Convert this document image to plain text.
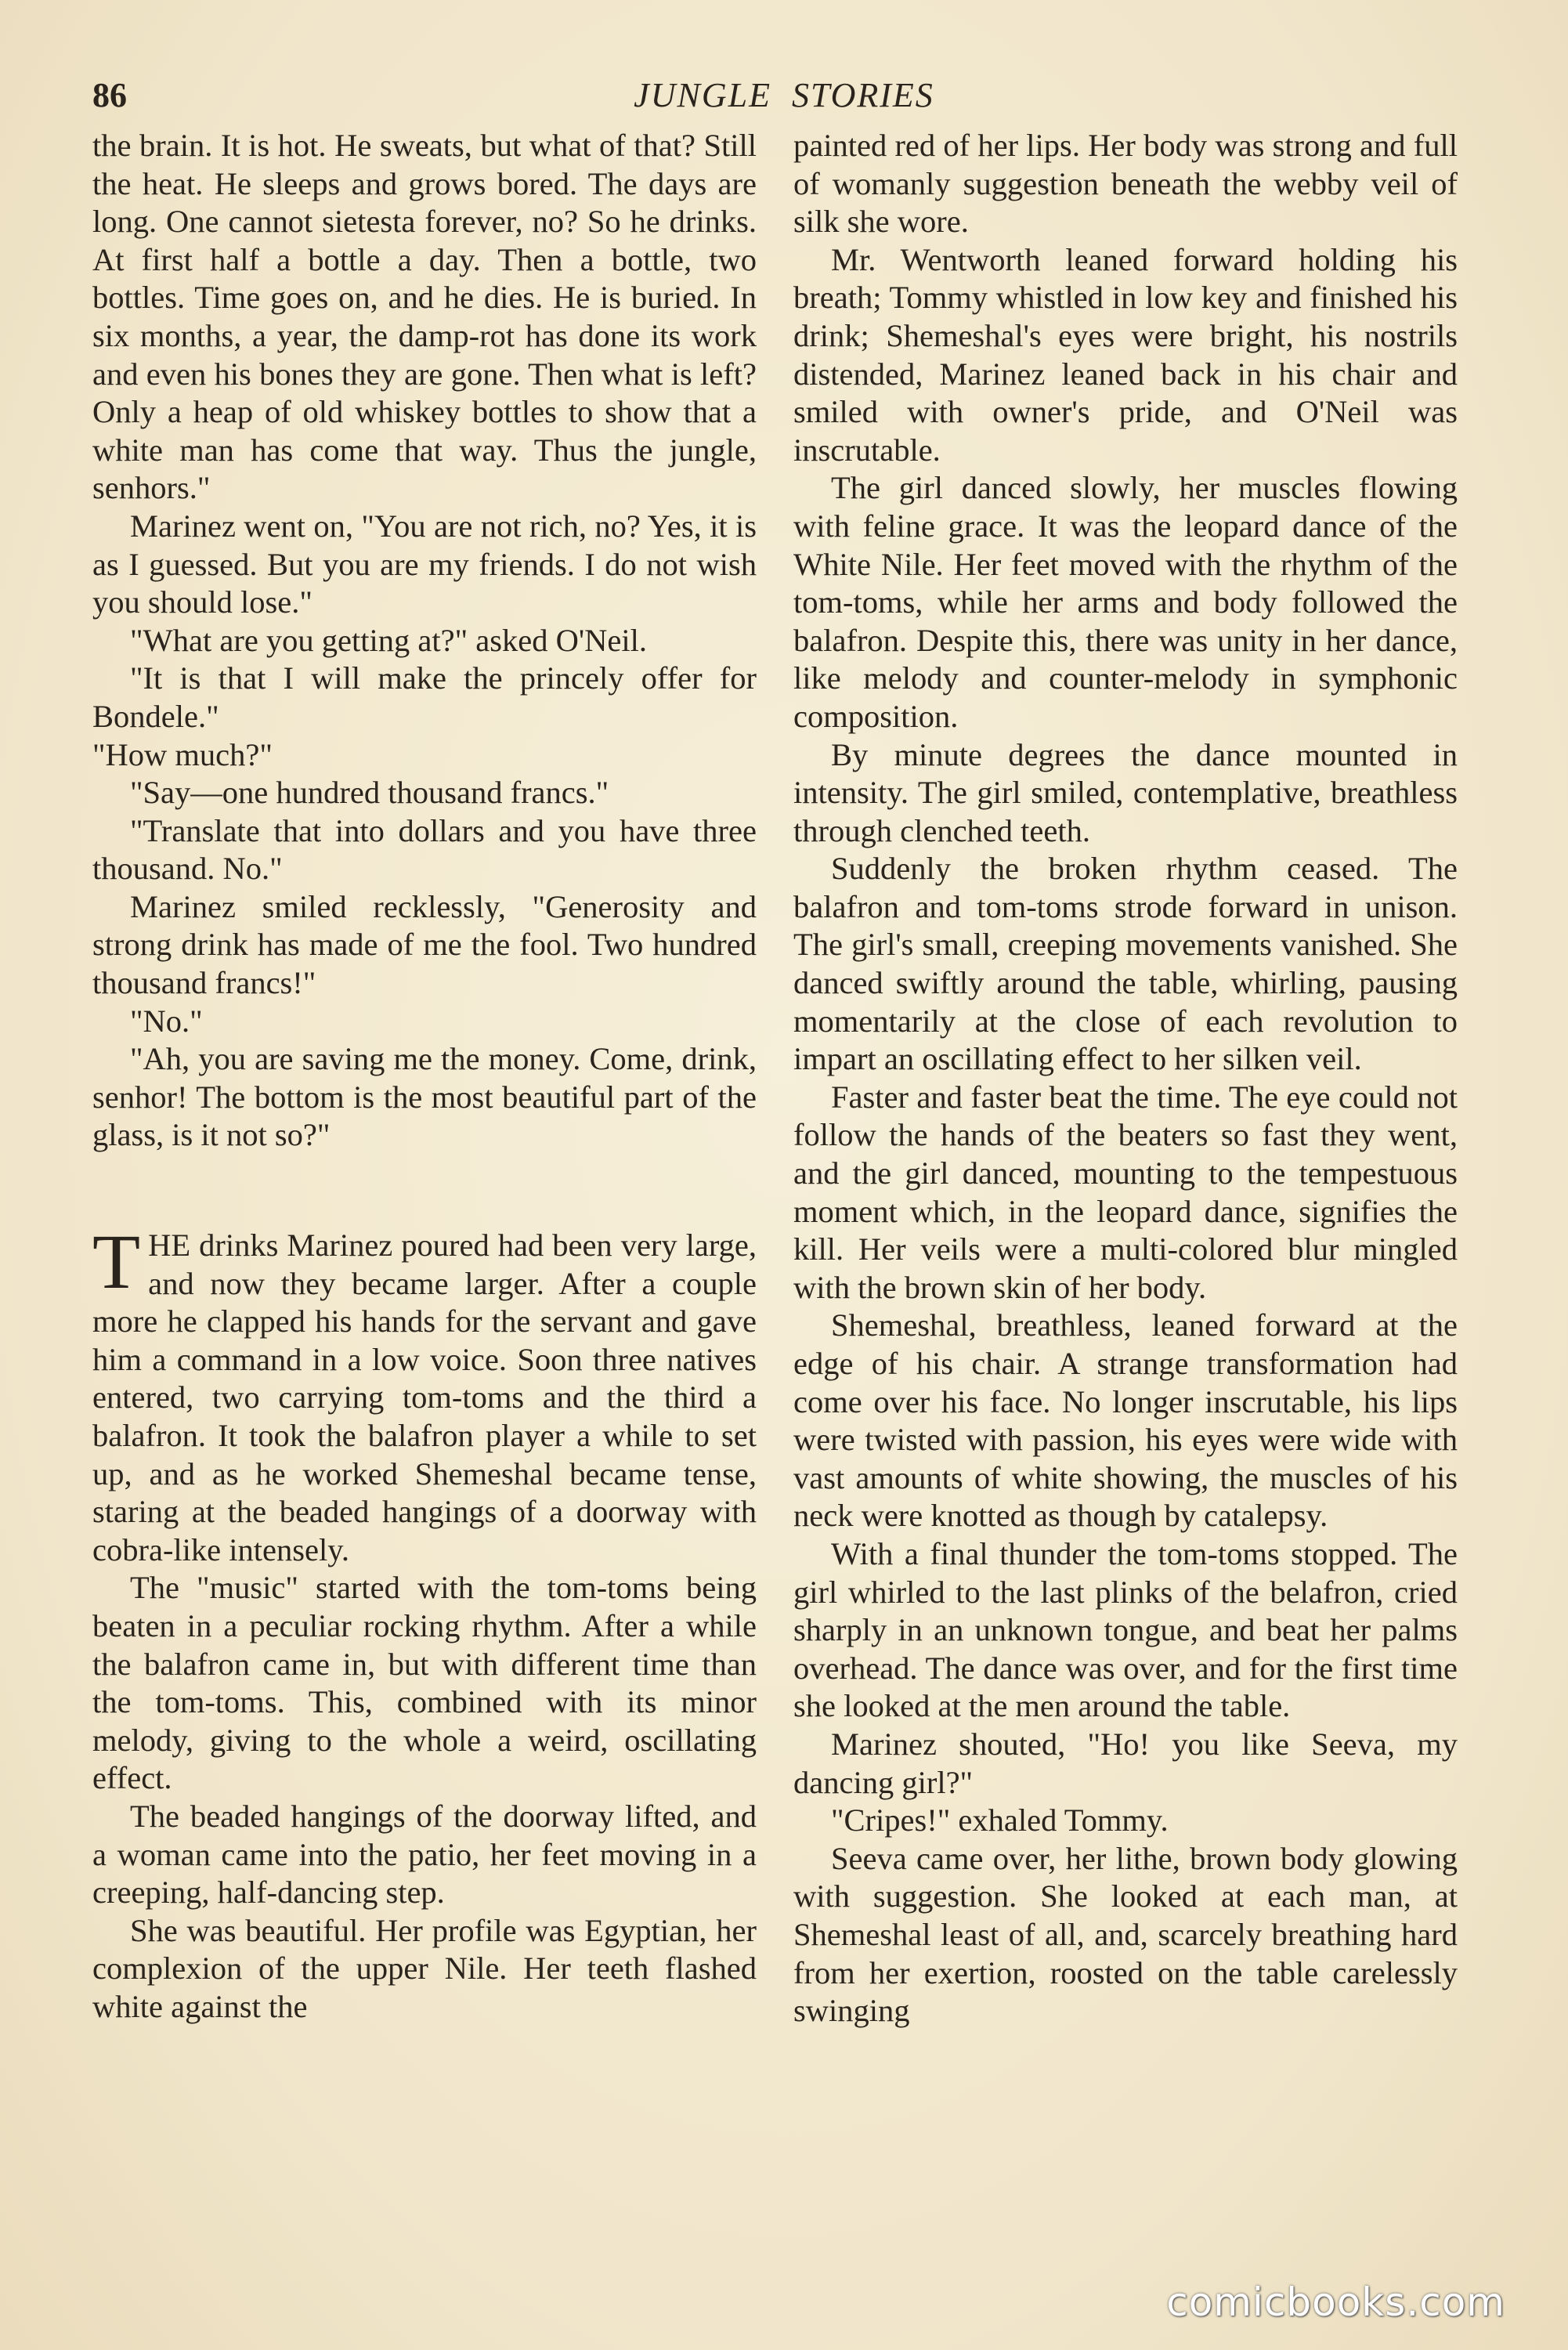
86	JUNGLE  STORIES

the brain. It is hot. He sweats, but what of that? Still the heat. He sleeps and grows bored. The days are long. One cannot sietesta forever, no? So he drinks. At first half a bottle a day. Then a bottle, two bottles. Time goes on, and he dies. He is buried. In six months, a year, the damp-rot has done its work and even his bones they are gone. Then what is left? Only a heap of old whiskey bottles to show that a white man has come that way. Thus the jungle, senhors."

Marinez went on, "You are not rich, no? Yes, it is as I guessed. But you are my friends. I do not wish you should lose."

"What are you getting at?" asked O'Neil.

"It is that I will make the princely offer for Bondele."

"How much?"

"Say—one hundred thousand francs."

"Translate that into dollars and you have three thousand. No."

Marinez smiled recklessly, "Generosity and strong drink has made of me the fool. Two hundred thousand francs!"

"No."

"Ah, you are saving me the money. Come, drink, senhor! The bottom is the most beautiful part of the glass, is it not so?"

T HE drinks Marinez poured had been very large, and now they became larger. After a couple more he clapped his hands for the servant and gave him a command in a low voice. Soon three natives entered, two carrying tom-toms and the third a balafron. It took the balafron player a while to set up, and as he worked Shemeshal became tense, staring at the beaded hangings of a doorway with cobra-like intensely.

The "music" started with the tom-toms being beaten in a peculiar rocking rhythm. After a while the balafron came in, but with different time than the tom-toms. This, combined with its minor melody, giving to the whole a weird, oscillating effect.

The beaded hangings of the doorway lifted, and a woman came into the patio, her feet moving in a creeping, half-dancing step.

She was beautiful. Her profile was Egyptian, her complexion of the upper Nile. Her teeth flashed white against the

painted red of her lips. Her body was strong and full of womanly suggestion beneath the webby veil of silk she wore.

Mr. Wentworth leaned forward holding his breath; Tommy whistled in low key and finished his drink; Shemeshal's eyes were bright, his nostrils distended, Marinez leaned back in his chair and smiled with owner's pride, and O'Neil was inscrutable.

The girl danced slowly, her muscles flowing with feline grace. It was the leopard dance of the White Nile. Her feet moved with the rhythm of the tom-toms, while her arms and body followed the balafron. Despite this, there was unity in her dance, like melody and counter-melody in symphonic composition.

By minute degrees the dance mounted in intensity. The girl smiled, contemplative, breathless through clenched teeth.

Suddenly the broken rhythm ceased. The balafron and tom-toms strode forward in unison. The girl's small, creeping movements vanished. She danced swiftly around the table, whirling, pausing momentarily at the close of each revolution to impart an oscillating effect to her silken veil.

Faster and faster beat the time. The eye could not follow the hands of the beaters so fast they went, and the girl danced, mounting to the tempestuous moment which, in the leopard dance, signifies the kill. Her veils were a multi-colored blur mingled with the brown skin of her body.

Shemeshal, breathless, leaned forward at the edge of his chair. A strange transformation had come over his face. No longer inscrutable, his lips were twisted with passion, his eyes were wide with vast amounts of white showing, the muscles of his neck were knotted as though by catalepsy.

With a final thunder the tom-toms stopped. The girl whirled to the last plinks of the belafron, cried sharply in an unknown tongue, and beat her palms overhead. The dance was over, and for the first time she looked at the men around the table.

Marinez shouted, "Ho! you like Seeva, my dancing girl?"

"Cripes!" exhaled Tommy.

Seeva came over, her lithe, brown body glowing with suggestion. She looked at each man, at Shemeshal least of all, and, scarcely breathing hard from her exertion, roosted on the table carelessly swinging

comicbooks.com
